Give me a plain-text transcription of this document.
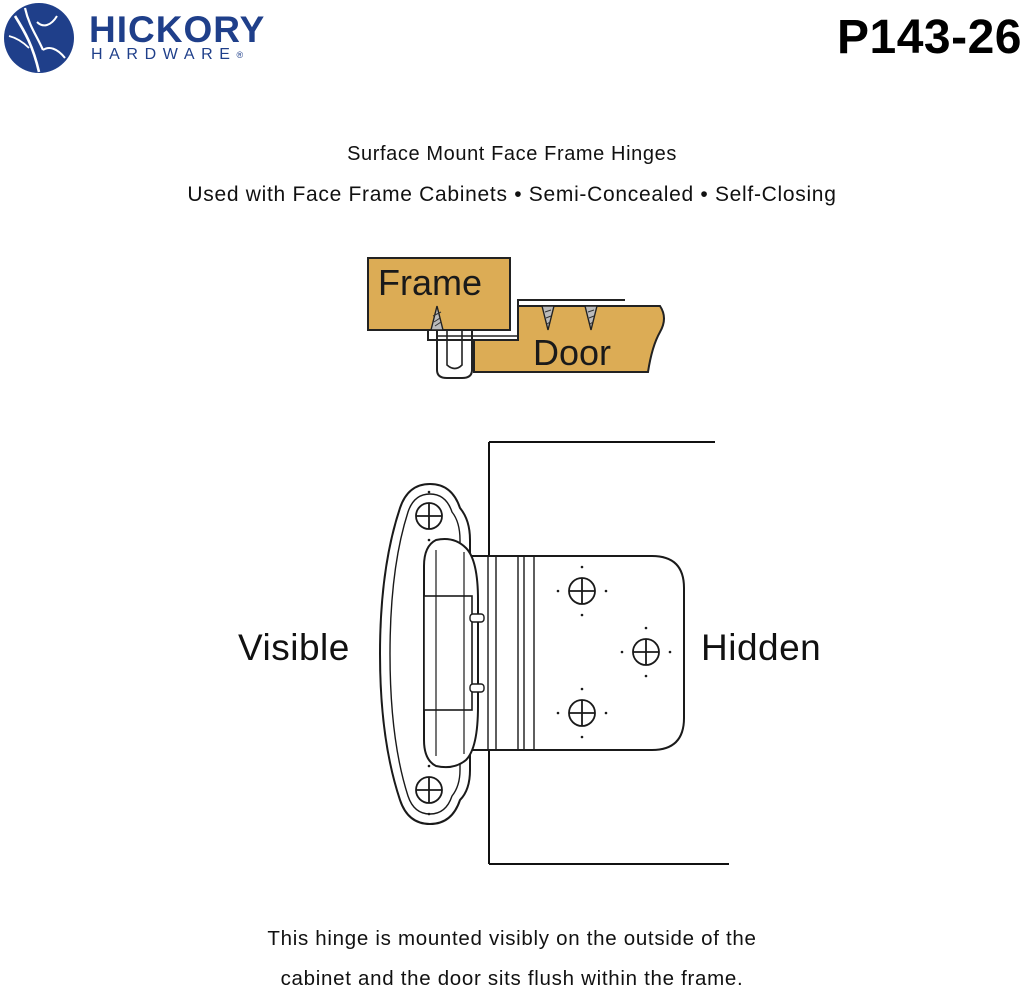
HICKORY
HARDWARE®	P143-26
Surface Mount Face Frame Hinges
Used with Face Frame Cabinets • Semi-Concealed • Self-Closing
Frame
Door
Visible	Hidden
This hinge is mounted visibly on the outside of the
cabinet and the door sits flush within the frame.
